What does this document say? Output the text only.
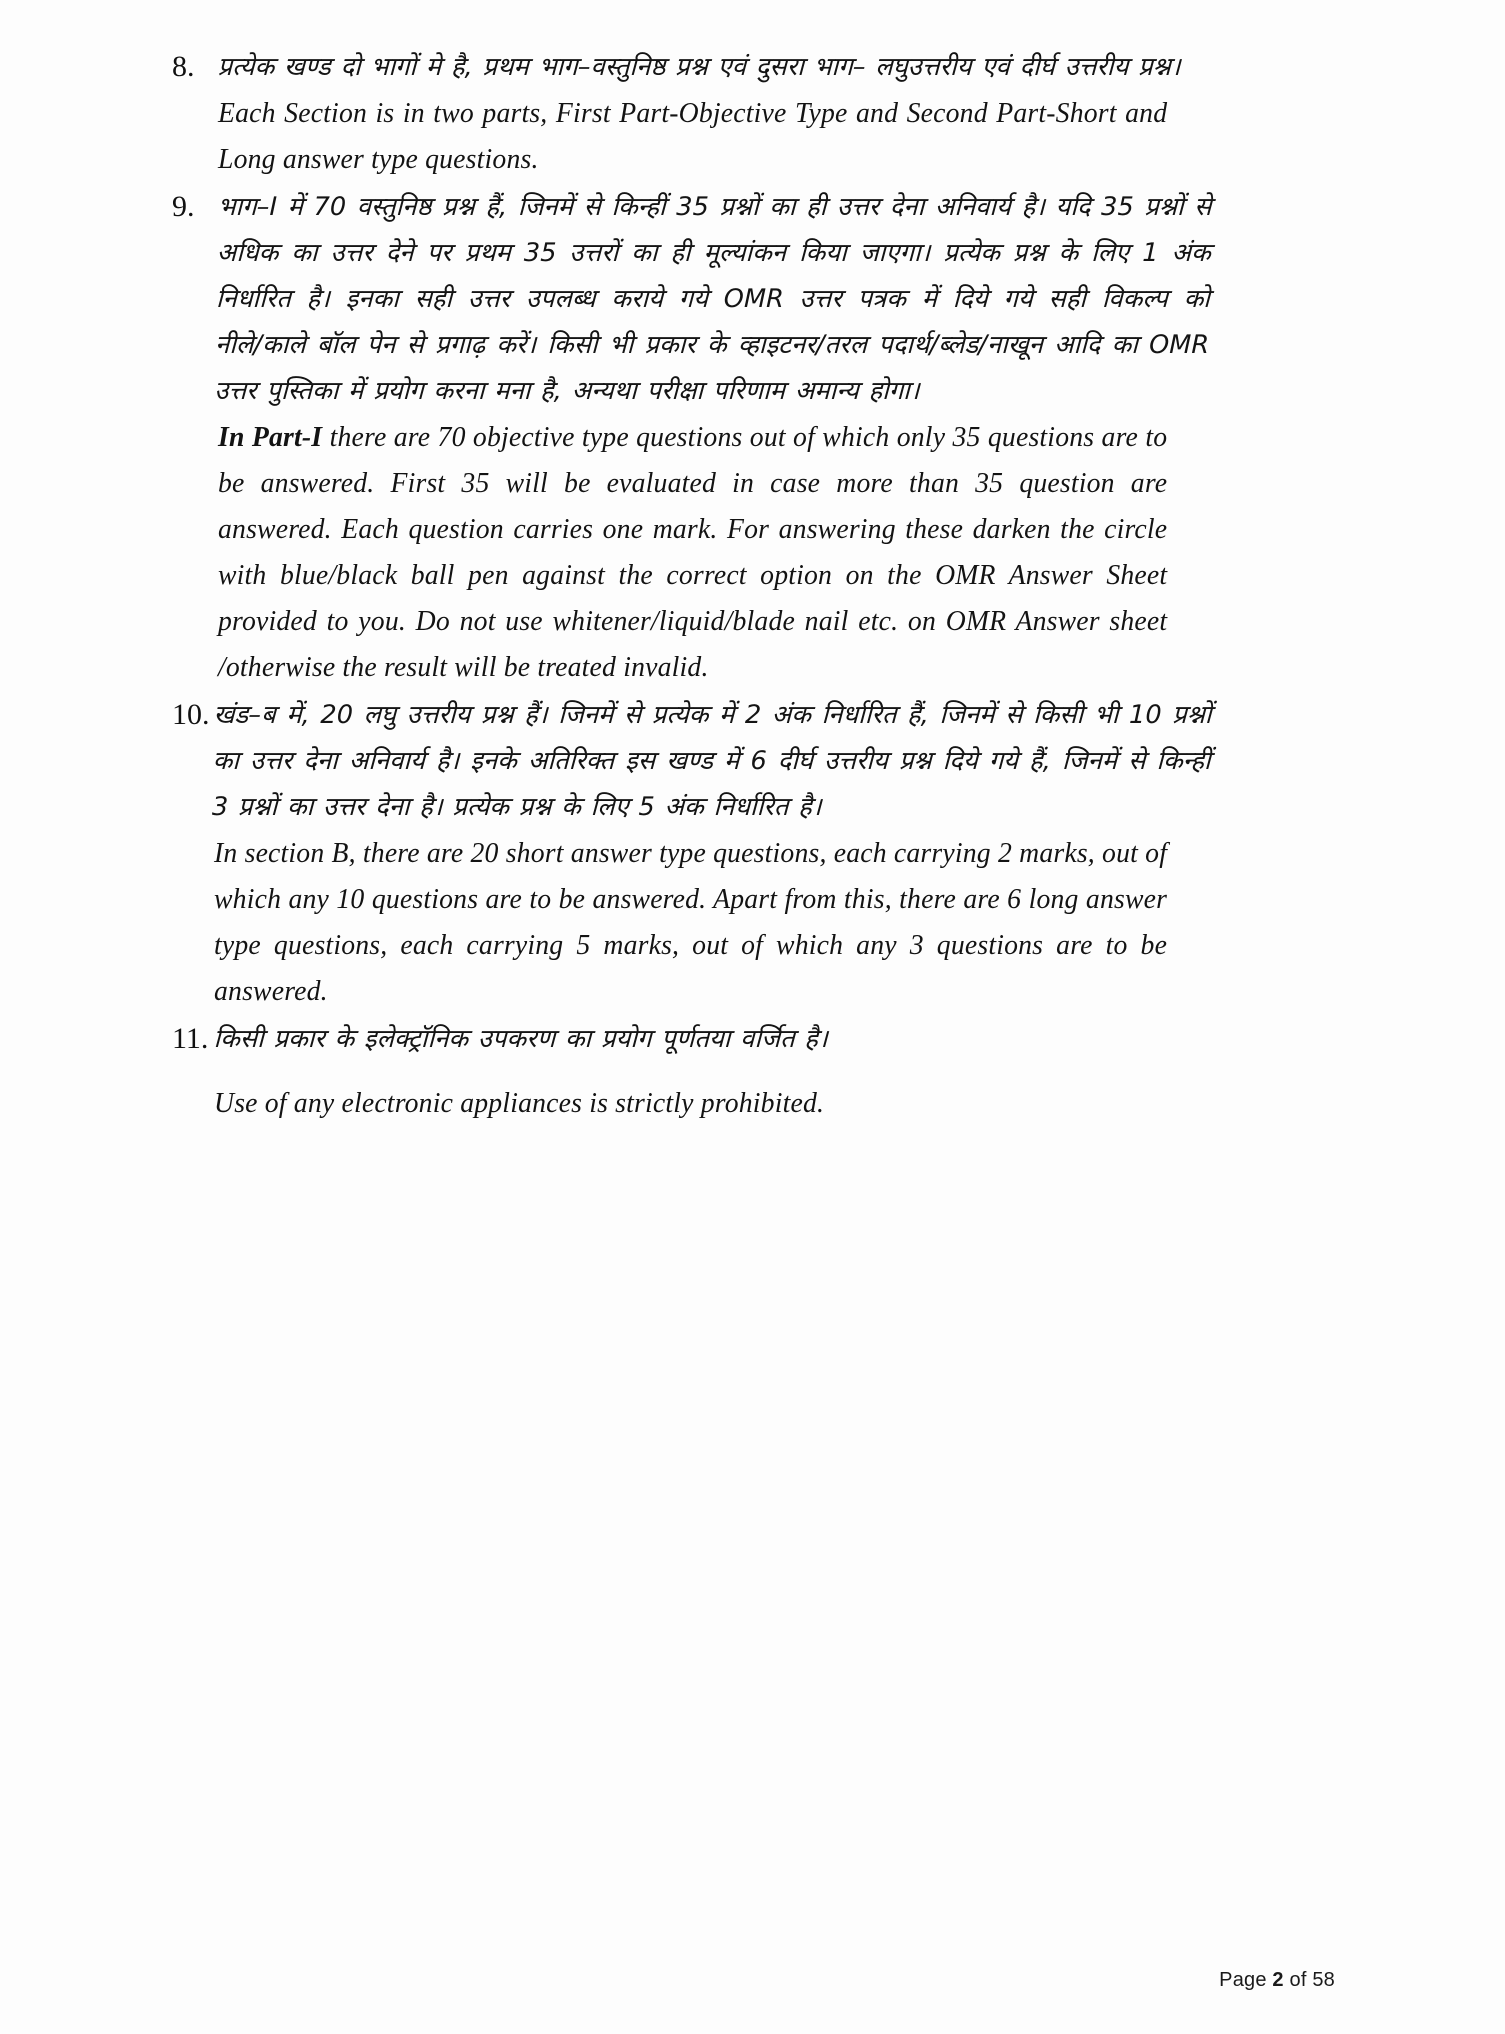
8. प्रत्येक खण्ड दो भागों मे है, प्रथम भाग–वस्तुनिष्ठ प्रश्न एवं दुसरा भाग– लघुउत्तरीय एवं दीर्घ उत्तरीय प्रश्न।
Each Section is in two parts, First Part-Objective Type and Second Part-Short and Long answer type questions.
9. भाग–I में 70 वस्तुनिष्ठ प्रश्न हैं, जिनमें से किन्हीं 35 प्रश्नों का ही उत्तर देना अनिवार्य है। यदि 35 प्रश्नों से अधिक का उत्तर देने पर प्रथम 35 उत्तरों का ही मूल्यांकन किया जाएगा। प्रत्येक प्रश्न के लिए 1 अंक निर्धारित है। इनका सही उत्तर उपलब्ध कराये गये OMR उत्तर पत्रक में दिये गये सही विकल्प को नीले∕काले बॉल पेन से प्रगाढ़ करें। किसी भी प्रकार के व्हाइटनर∕तरल पदार्थ∕ब्लेड∕नाखून आदि का OMR उत्तर पुस्तिका में प्रयोग करना मना है, अन्यथा परीक्षा परिणाम अमान्य होगा।
In Part-I there are 70 objective type questions out of which only 35 questions are to be answered. First 35 will be evaluated in case more than 35 question are answered. Each question carries one mark. For answering these darken the circle with blue/black ball pen against the correct option on the OMR Answer Sheet provided to you. Do not use whitener/liquid/blade nail etc. on OMR Answer sheet /otherwise the result will be treated invalid.
10. खंड–ब में, 20 लघु उत्तरीय प्रश्न हैं। जिनमें से प्रत्येक में 2 अंक निर्धारित हैं, जिनमें से किसी भी 10 प्रश्नों का उत्तर देना अनिवार्य है। इनके अतिरिक्त इस खण्ड में 6 दीर्घ उत्तरीय प्रश्न दिये गये हैं, जिनमें से किन्हीं 3 प्रश्नों का उत्तर देना है। प्रत्येक प्रश्न के लिए 5 अंक निर्धारित है।
In section B, there are 20 short answer type questions, each carrying 2 marks, out of which any 10 questions are to be answered. Apart from this, there are 6 long answer type questions, each carrying 5 marks, out of which any 3 questions are to be answered.
11. किसी प्रकार के इलेक्ट्रॉनिक उपकरण का प्रयोग पूर्णतया वर्जित है।
Use of any electronic appliances is strictly prohibited.
Page 2 of 58
